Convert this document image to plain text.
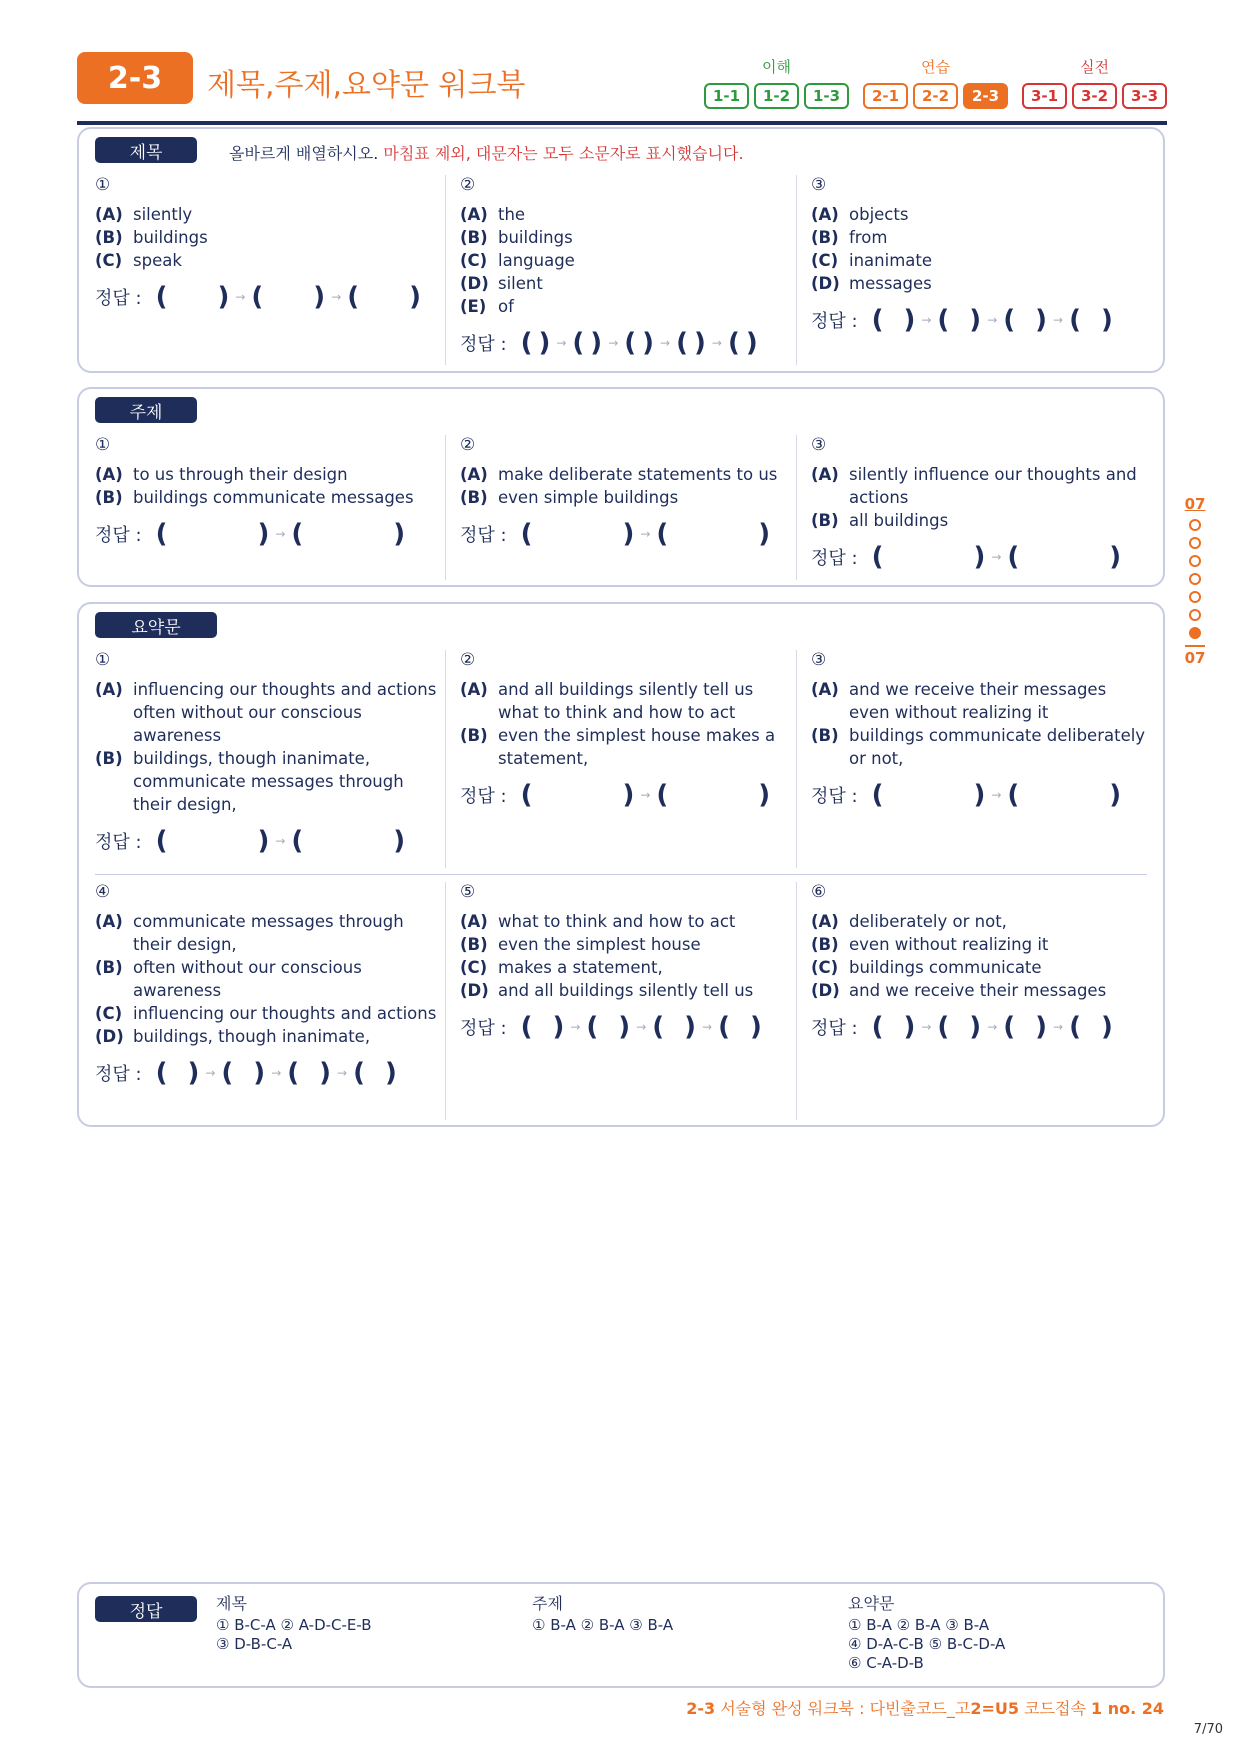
2-3	제목,주제,요약문 워크북
이해
1-1	1-2	1-3
연습
2-1	2-2	2-3
실전
3-1	3-2	3-3
제목	올바르게 배열하시오. 마침표 제외, 대문자는 모두 소문자로 표시했습니다.
①
(A) silently
(B) buildings
(C) speak
정답 : ( ) → ( ) → ( )
②
(A) the
(B) buildings
(C) language
(D) silent
(E) of
정답 : ( ) → ( ) → ( ) → ( ) → ( )
③
(A) objects
(B) from
(C) inanimate
(D) messages
정답 : ( ) → ( ) → ( ) → ( )
주제
①
(A) to us through their design
(B) buildings communicate messages
정답 : (	) → (	)
②
(A) make deliberate statements to us
(B) even simple buildings
정답 : (	) → (	)
③
(A) silently influence our thoughts and actions
(B) all buildings
정답 : (	) → (	)
요약문
①
(A) influencing our thoughts and actions often without our conscious awareness
(B) buildings, though inanimate, communicate messages through their design,
정답 : (	) → (	)
②
(A) and all buildings silently tell us what to think and how to act
(B) even the simplest house makes a statement,
정답 : (	) → (	)
③
(A) and we receive their messages even without realizing it
(B) buildings communicate deliberately or not,
정답 : (	) → (	)
④
(A) communicate messages through their design,
(B) often without our conscious awareness
(C) influencing our thoughts and actions
(D) buildings, though inanimate,
정답 : ( ) → ( ) → ( ) → ( )
⑤
(A) what to think and how to act
(B) even the simplest house
(C) makes a statement,
(D) and all buildings silently tell us
정답 : ( ) → ( ) → ( ) → ( )
⑥
(A) deliberately or not,
(B) even without realizing it
(C) buildings communicate
(D) and we receive their messages
정답 : ( ) → ( ) → ( ) → ( )
07
07
정답	제목
① B-C-A ② A-D-C-E-B
③ D-B-C-A
주제
① B-A ② B-A ③ B-A
요약문
① B-A ② B-A ③ B-A
④ D-A-C-B ⑤ B-C-D-A
⑥ C-A-D-B
2-3 서술형 완성 워크북 : 다빈출코드_고2=U5 코드접속 1 no. 24
7/70
